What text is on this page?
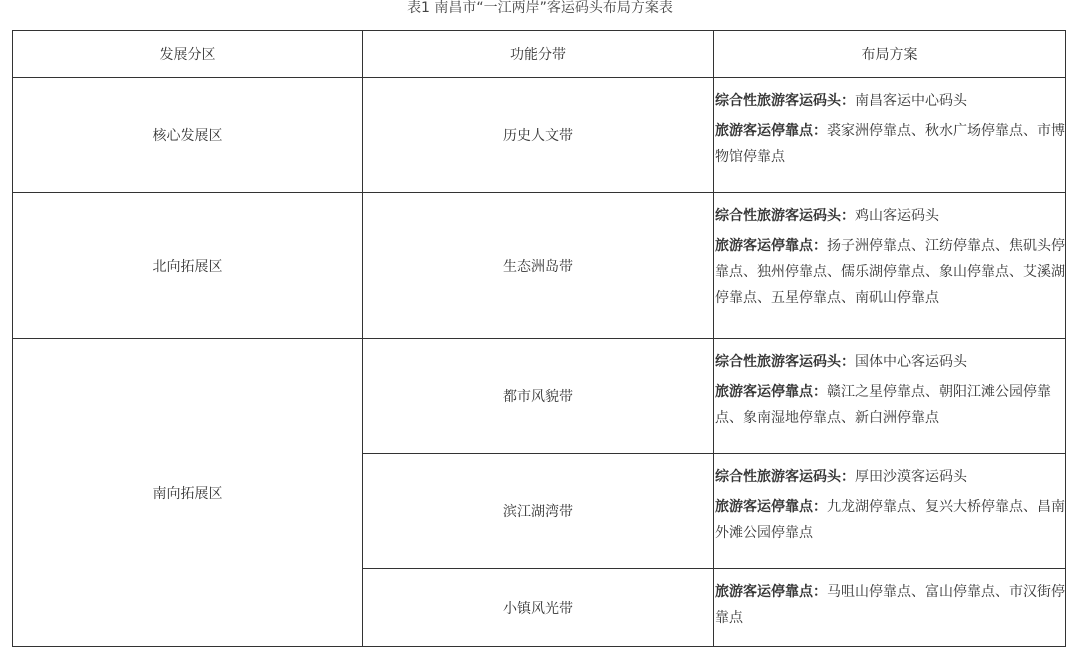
表1 南昌市“一江两岸”客运码头布局方案表
发展分区	功能分带	布局方案
核心发展区	历史人文带	综合性旅游客运码头：南昌客运中心码头
旅游客运停靠点：裘家洲停靠点、秋水广场停靠点、市博物馆停靠点

北向拓展区	生态洲岛带	综合性旅游客运码头：鸡山客运码头
旅游客运停靠点：扬子洲停靠点、江纺停靠点、焦矶头停靠点、独州停靠点、儒乐湖停靠点、象山停靠点、艾溪湖停靠点、五星停靠点、南矶山停靠点

南向拓展区	都市风貌带	综合性旅游客运码头：国体中心客运码头
旅游客运停靠点：赣江之星停靠点、朝阳江滩公园停靠点、象南湿地停靠点、新白洲停靠点

	滨江湖湾带	综合性旅游客运码头：厚田沙漠客运码头
旅游客运停靠点：九龙湖停靠点、复兴大桥停靠点、昌南外滩公园停靠点

	小镇风光带	旅游客运停靠点：马咀山停靠点、富山停靠点、市汉街停靠点
